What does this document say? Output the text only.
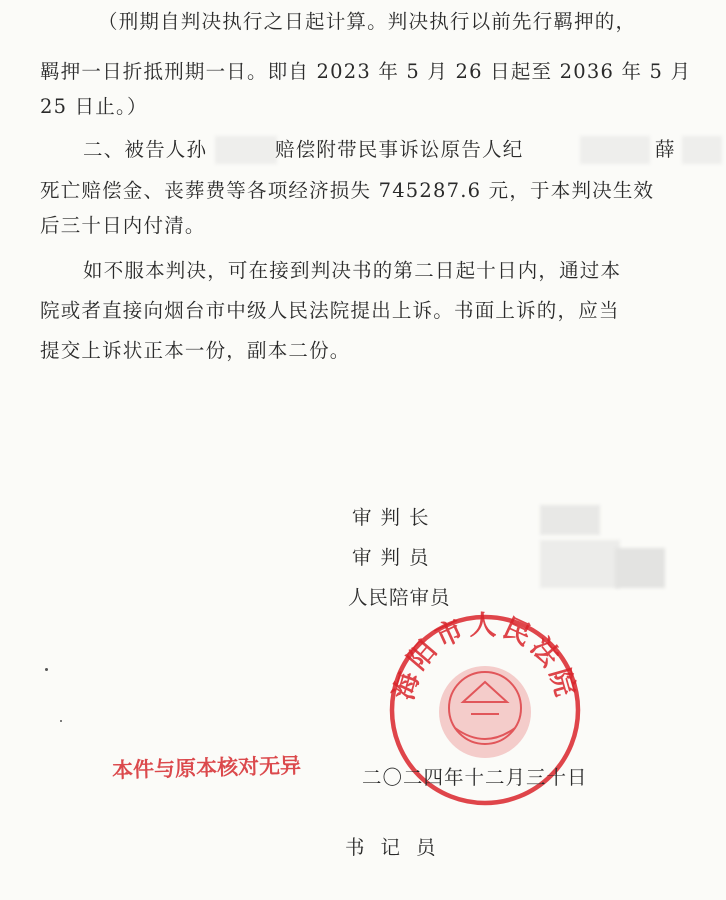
（刑期自判决执行之日起计算。判决执行以前先行羁押的，
羁押一日折抵刑期一日。即自 2023 年 5 月 26 日起至 2036 年 5 月
25 日止。）
二、被告人孙	赔偿附带民事诉讼原告人纪	薛
死亡赔偿金、丧葬费等各项经济损失 745287.6 元，于本判决生效
后三十日内付清。
如不服本判决，可在接到判决书的第二日起十日内，通过本
院或者直接向烟台市中级人民法院提出上诉。书面上诉的，应当
提交上诉状正本一份，副本二份。
审判长
审判员
人民陪审员
海阳市人民法院
本件与原本核对无异	二〇二四年十二月三十日
书记员
